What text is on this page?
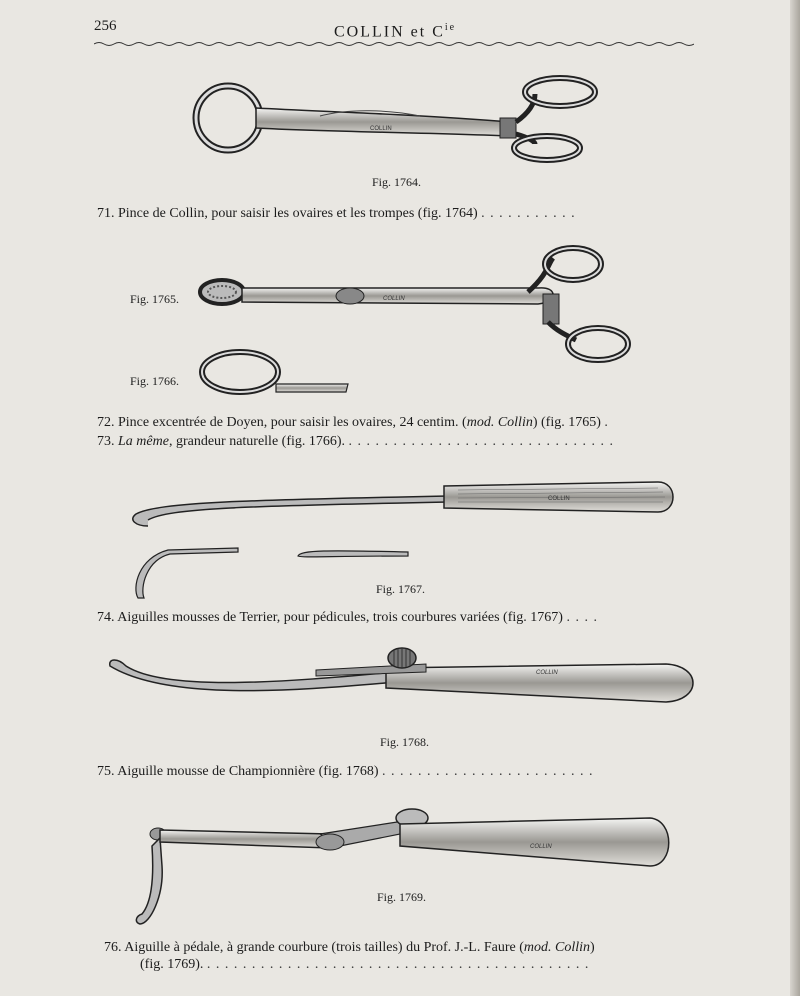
256	COLLIN et $C^{ie}$
COLLIN
Fig. 1764.
71. Pince de Collin, pour saisir les ovaires et les trompes (fig. 1764) . . . . . . . . . . .
Fig. 1765.	COLLIN
Fig. 1766.
72. Pince excentrée de Doyen, pour saisir les ovaires, 24 centim. (mod. Collin) (fig. 1765) .
73. La même, grandeur naturelle (fig. 1766). . . . . . . . . . . . . . . . . . . . . . . . . . . . . . .
COLLIN
Fig. 1767.
74. Aiguilles mousses de Terrier, pour pédicules, trois courbures variées (fig. 1767) . . . .
COLLIN
Fig. 1768.
75. Aiguille mousse de Championnière (fig. 1768) . . . . . . . . . . . . . . . . . . . . . . . .
COLLIN
Fig. 1769.
76. Aiguille à pédale, à grande courbure (trois tailles) du Prof. J.-L. Faure (mod. Collin)
(fig. 1769). . . . . . . . . . . . . . . . . . . . . . . . . . . . . . . . . . . . . . . . . . . .
